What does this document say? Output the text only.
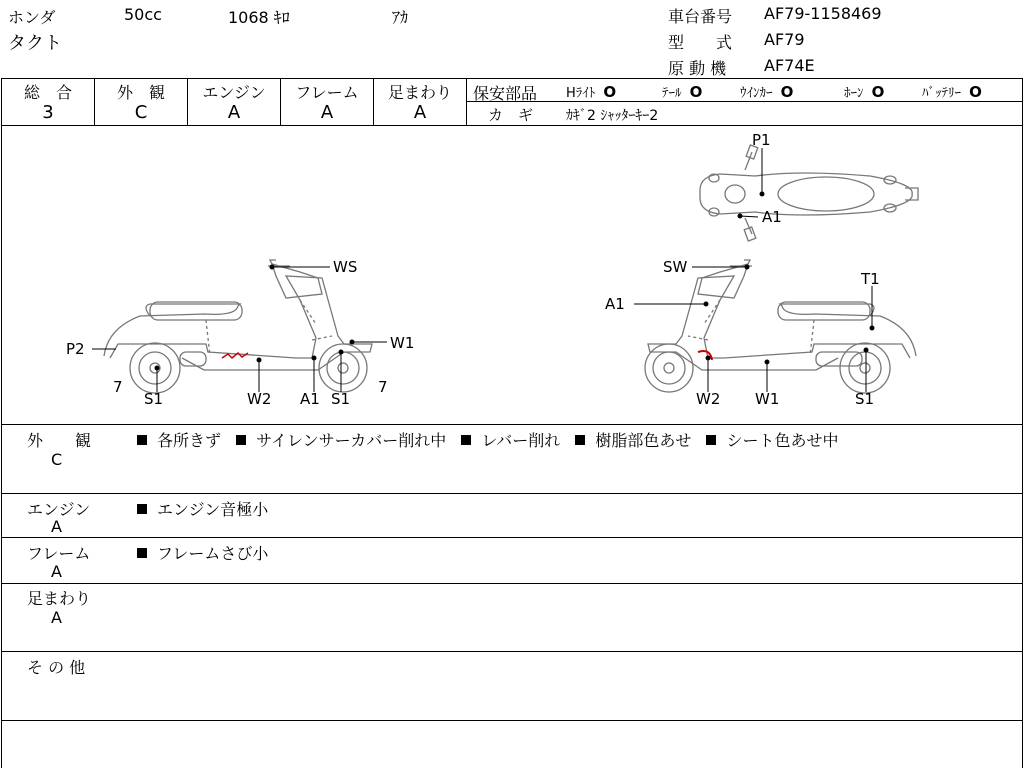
ホンダ
タクト
50cc	1068 ｷﾛ	ｱｶ	車台番号 AF79-1158469
型　　式 AF79
原 動 機 AF74E
総　合
3
外　観
C
エンジン
A
フレーム
A
足まわり
A
保安部品 Hﾗｲﾄ O	ﾃｰﾙ O	ｳｲﾝｶｰ O	ﾎｰﾝ O	ﾊﾞｯﾃﾘｰ O
カ　ギ ｶｷﾞ2 ｼｬｯﾀｰｷｰ2
P1
A1
WS
W1
P2
7
S1	W2 A1 S1
7
SW
T1
A1
W2 W1	S1
外　　観
C
各所きず サイレンサーカバー削れ中 レバー削れ 樹脂部色あせ シート色あせ中
エンジン
A
エンジン音極小
フレーム
A
フレームさび小
足まわり
A
そ の 他
